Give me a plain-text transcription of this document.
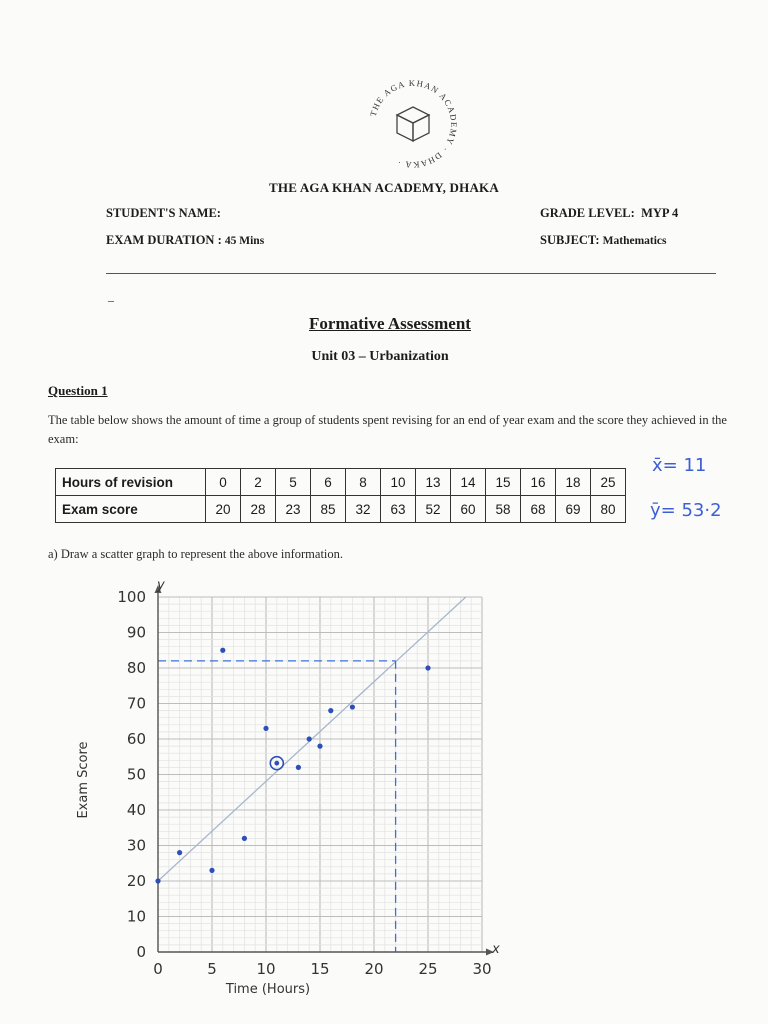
THE AGA KHAN ACADEMY · DHAKA ·
THE AGA KHAN ACADEMY, DHAKA
STUDENT'S NAME:
EXAM DURATION : 45 Mins
GRADE LEVEL: MYP 4
SUBJECT: Mathematics
–
Formative Assessment
Unit 03 – Urbanization
Question 1
The table below shows the amount of time a group of students spent revising for an end of year exam and the score they achieved in the exam:
Hours of revision	0	2	5	6	8	10	13	14	15	16	18	25
Exam score	20	28	23	85	32	63	52	60	58	68	69	80
x̄= 11
ȳ= 53·2
a) Draw a scatter graph to represent the above information.
0	5	10 15 20 25 30
0
10
20
30
40
50
60
70
80
90
100
Time (Hours)
Exam Score
x
y
